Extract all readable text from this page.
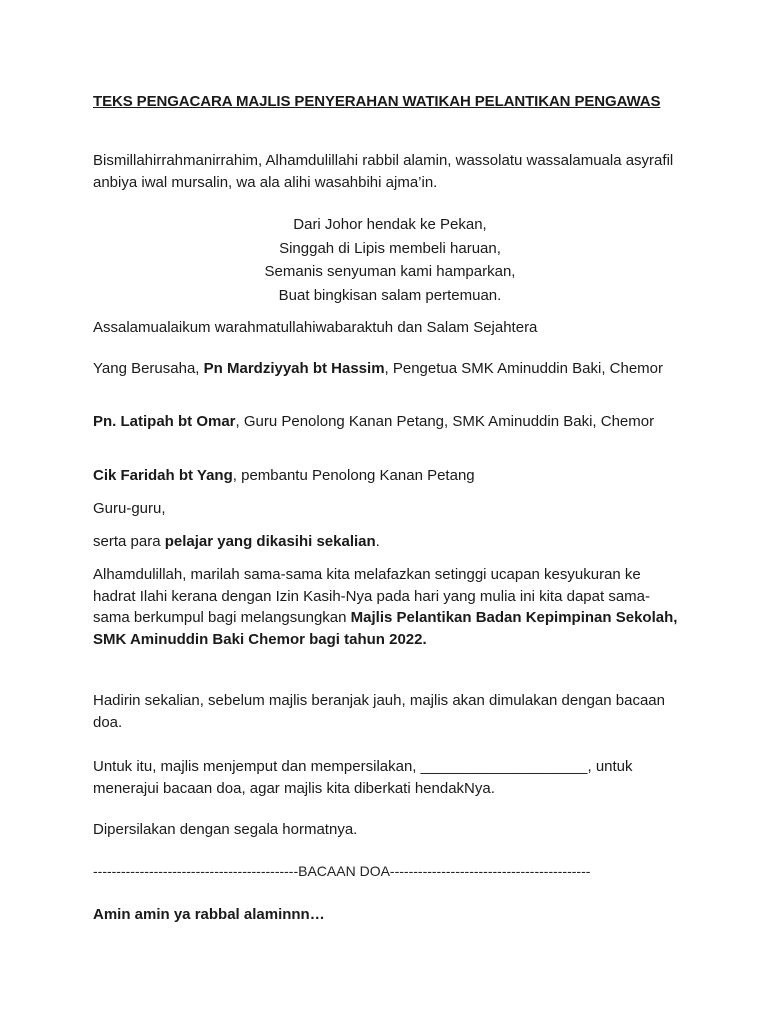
TEKS PENGACARA MAJLIS PENYERAHAN WATIKAH PELANTIKAN PENGAWAS

Bismillahirrahmanirrahim, Alhamdulillahi rabbil alamin, wassolatu wassalamuala asyrafil anbiya iwal mursalin, wa ala alihi wasahbihi ajma’in.

Dari Johor hendak ke Pekan,
Singgah di Lipis membeli haruan,
Semanis senyuman kami hamparkan,
Buat bingkisan salam pertemuan.

Assalamualaikum warahmatullahiwabaraktuh dan Salam Sejahtera

Yang Berusaha, Pn Mardziyyah bt Hassim, Pengetua SMK Aminuddin Baki, Chemor

Pn. Latipah bt Omar, Guru Penolong Kanan Petang, SMK Aminuddin Baki, Chemor

Cik Faridah bt Yang, pembantu Penolong Kanan Petang

Guru-guru,

serta para pelajar yang dikasihi sekalian.

Alhamdulillah, marilah sama-sama kita melafazkan setinggi ucapan kesyukuran ke hadrat Ilahi kerana dengan Izin Kasih-Nya pada hari yang mulia ini kita dapat sama-sama berkumpul bagi melangsungkan Majlis Pelantikan Badan Kepimpinan Sekolah, SMK Aminuddin Baki Chemor bagi tahun 2022.

Hadirin sekalian, sebelum majlis beranjak jauh, majlis akan dimulakan dengan bacaan doa.

Untuk itu, majlis menjemput dan mempersilakan, ____________________, untuk menerajui bacaan doa, agar majlis kita diberkati hendakNya.

Dipersilakan dengan segala hormatnya.

--------------------------------------------BACAAN DOA-------------------------------------------

Amin amin ya rabbal alaminnn…
